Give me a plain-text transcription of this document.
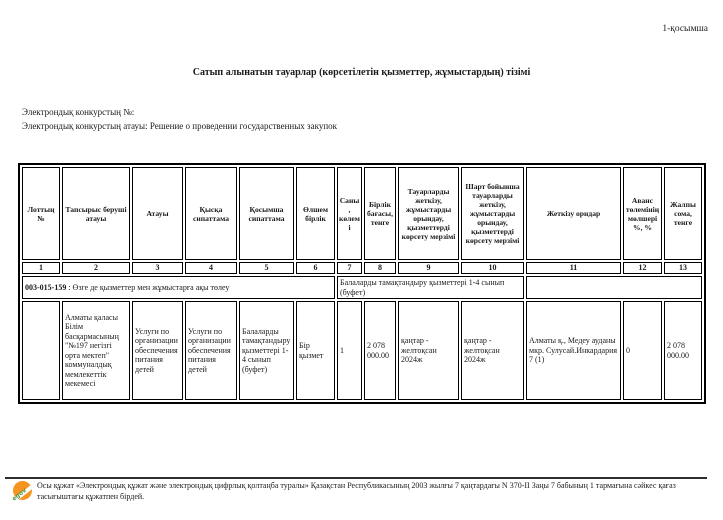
1-қосымша
Сатып алынатын тауарлар (көрсетілетін қызметтер, жұмыстардың) тізімі
Электрондық конкурстың №:
Электрондық конкурстың атауы: Решение о проведении государственных закупок
Лоттың №	Тапсырыс беруші атауы	Атауы	Қысқа сипаттама	Қосымша сипаттама	Өлшем бірлік	Саны, көлемі	Бірлік бағасы, тенге	Тауарларды жеткізу, жұмыстарды орындау, қызметтерді көрсету мерзімі	Шарт бойынша тауарларды жеткізу, жұмыстарды орындау, қызметтерді көрсету мерзімі	Жеткізу орндар	Аванс төлемінің мөлшері %, %	Жалпы сома, тенге
1	2	3	4	5	6	7	8	9	10	11	12	13
003-015-159 : Өзге де қызметтер мен жұмыстарға ақы төлеу						Балаларды тамақтандыру қызметтері 1-4 сынып (буфет)						
	Алматы қаласы Білім басқармасының "№197 негізгі орта мектеп" коммуналдық мемлекеттік мекемесі	Услуги по организации обеспечения питания детей	Услуги по организации обеспечения питания детей	Балаларды тамақтандыру қызметтері 1-4 сынып (буфет)	Бір қызмет	1	2 078 000.00	қаңтар - желтоқсан 2024ж	қаңтар - желтоқсан 2024ж	Алматы қ., Медеу ауданы мкр. Сулусай.Инкардария 7 (1)	0	2 078 000.00
egov
Осы құжат «Электрондық құжат және электрондық цифрлық қолтаңба туралы» Қазақстан Республикасының 2003 жылғы 7 қаңтардағы N 370-II Заңы 7 бабының 1 тармағына сәйкес қағаз тасығыштағы құжатпен бірдей.
